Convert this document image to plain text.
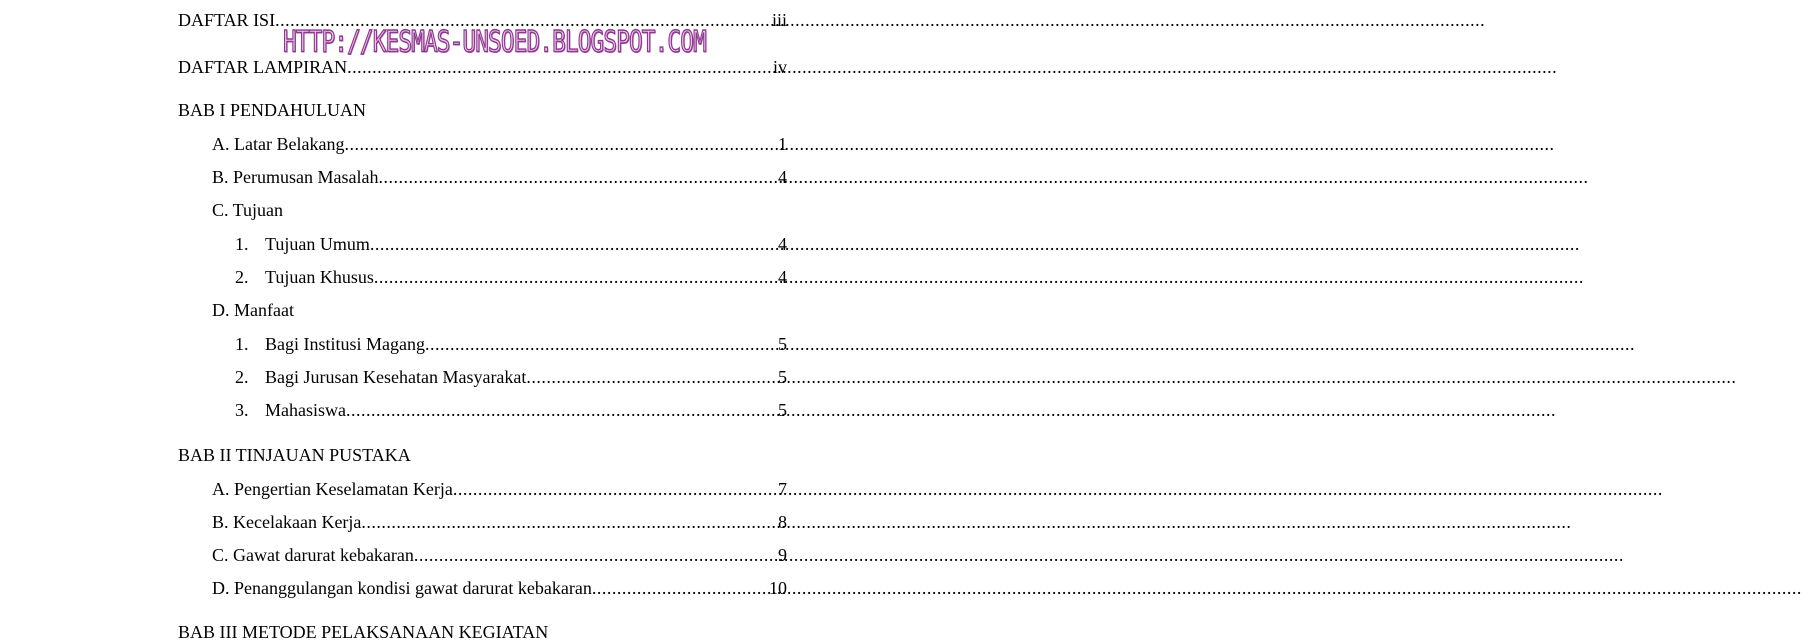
HTTP://KESMAS-UNSOED.BLOGSPOT.COM
DAFTAR ISI .....	iii
DAFTAR LAMPIRAN .....	iv
BAB I PENDAHULUAN
A. Latar Belakang .....	1
B. Perumusan Masalah .....	4
C. Tujuan
1. Tujuan Umum .....	4
2. Tujuan Khusus .....	4
D. Manfaat
1. Bagi Institusi Magang .....	5
2. Bagi Jurusan Kesehatan Masyarakat .....	5
3. Mahasiswa .....	5
BAB II TINJAUAN PUSTAKA
A. Pengertian Keselamatan Kerja .....	7
B. Kecelakaan Kerja .....	8
C. Gawat darurat kebakaran .....	9
D. Penanggulangan kondisi gawat darurat kebakaran .....	10
BAB III METODE PELAKSANAAN KEGIATAN
